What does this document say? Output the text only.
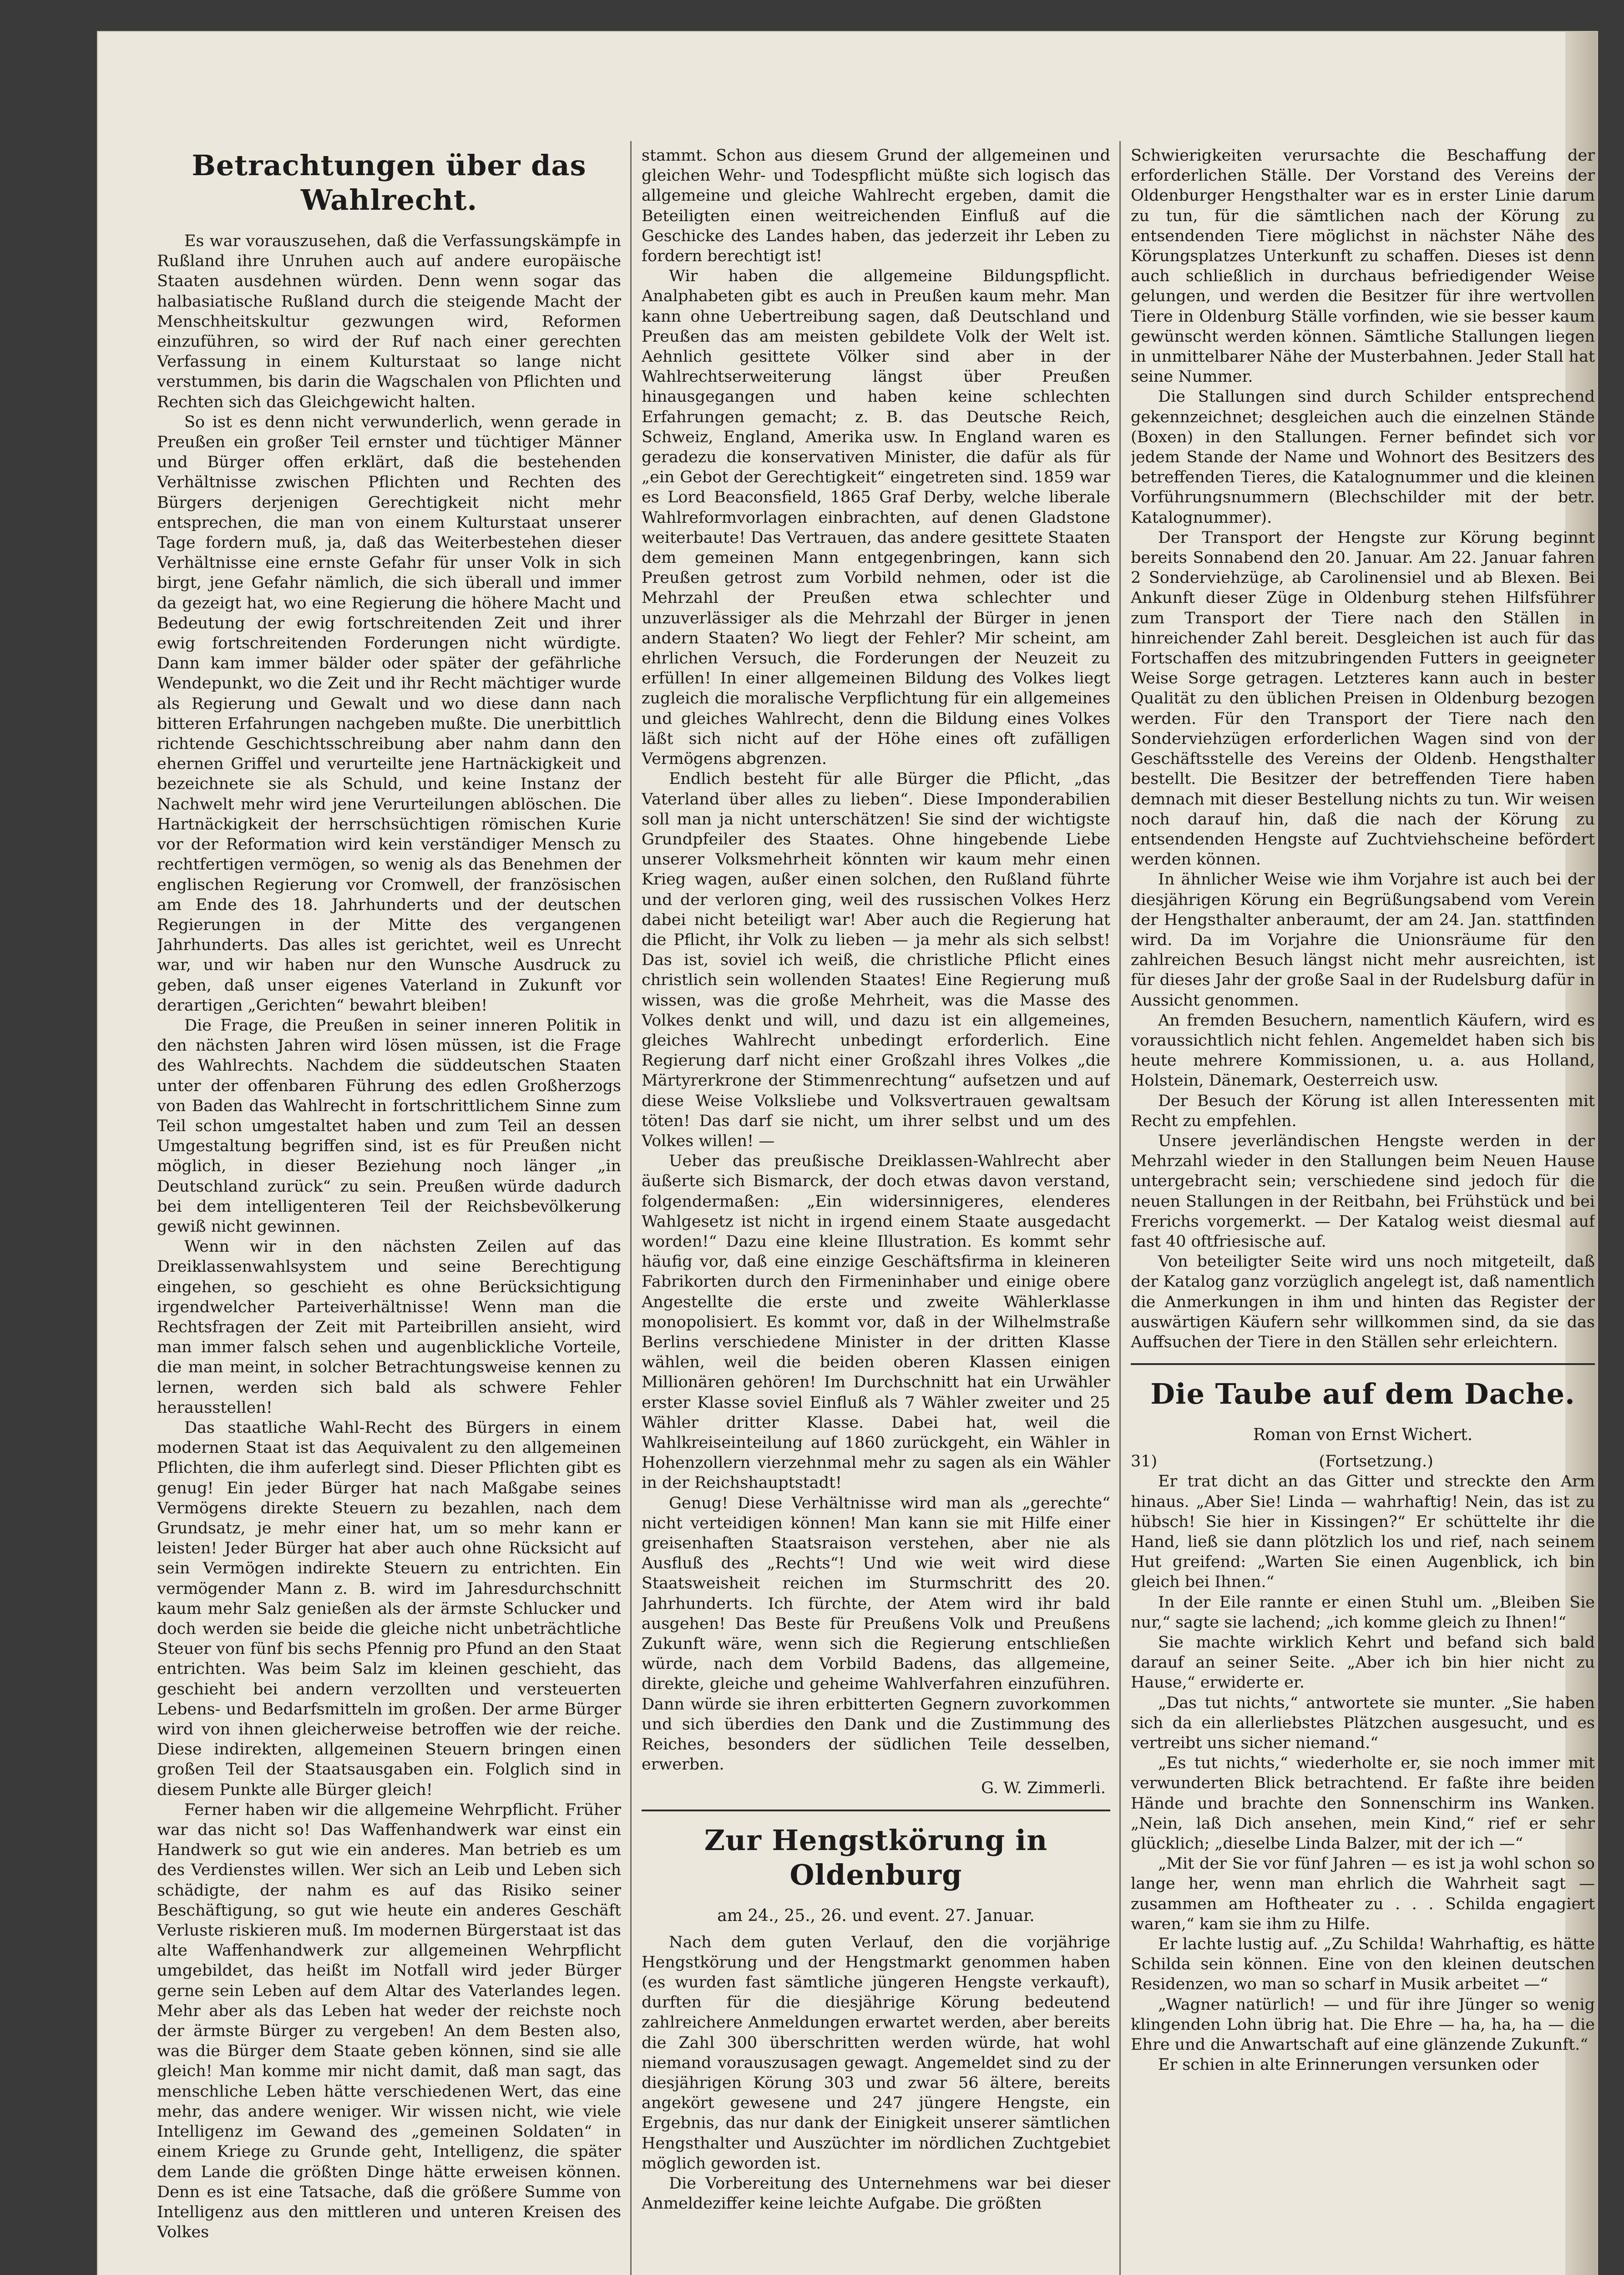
Betrachtungen über das Wahlrecht.

Es war vorauszusehen, daß die Verfassungskämpfe in Rußland ihre Unruhen auch auf andere europäische Staaten ausdehnen würden. Denn wenn sogar das halbasiatische Rußland durch die steigende Macht der Menschheitskultur gezwungen wird, Reformen einzuführen, so wird der Ruf nach einer gerechten Verfassung in einem Kulturstaat so lange nicht verstummen, bis darin die Wagschalen von Pflichten und Rechten sich das Gleichgewicht halten.

So ist es denn nicht verwunderlich, wenn gerade in Preußen ein großer Teil ernster und tüchtiger Männer und Bürger offen erklärt, daß die bestehenden Verhältnisse zwischen Pflichten und Rechten des Bürgers derjenigen Gerechtigkeit nicht mehr entsprechen, die man von einem Kulturstaat unserer Tage fordern muß, ja, daß das Weiterbestehen dieser Verhältnisse eine ernste Gefahr für unser Volk in sich birgt, jene Gefahr nämlich, die sich überall und immer da gezeigt hat, wo eine Regierung die höhere Macht und Bedeutung der ewig fortschreitenden Zeit und ihrer ewig fortschreitenden Forderungen nicht würdigte. Dann kam immer bälder oder später der gefährliche Wendepunkt, wo die Zeit und ihr Recht mächtiger wurde als Regierung und Gewalt und wo diese dann nach bitteren Erfahrungen nachgeben mußte. Die unerbittlich richtende Geschichtsschreibung aber nahm dann den ehernen Griffel und verurteilte jene Hartnäckigkeit und bezeichnete sie als Schuld, und keine Instanz der Nachwelt mehr wird jene Verurteilungen ablöschen. Die Hartnäckigkeit der herrschsüchtigen römischen Kurie vor der Reformation wird kein verständiger Mensch zu rechtfertigen vermögen, so wenig als das Benehmen der englischen Regierung vor Cromwell, der französischen am Ende des 18. Jahrhunderts und der deutschen Regierungen in der Mitte des vergangenen Jahrhunderts. Das alles ist gerichtet, weil es Unrecht war, und wir haben nur den Wunsche Ausdruck zu geben, daß unser eigenes Vaterland in Zukunft vor derartigen „Gerichten“ bewahrt bleiben!

Die Frage, die Preußen in seiner inneren Politik in den nächsten Jahren wird lösen müssen, ist die Frage des Wahlrechts. Nachdem die süddeutschen Staaten unter der offenbaren Führung des edlen Großherzogs von Baden das Wahlrecht in fortschrittlichem Sinne zum Teil schon umgestaltet haben und zum Teil an dessen Umgestaltung begriffen sind, ist es für Preußen nicht möglich, in dieser Beziehung noch länger „in Deutschland zurück“ zu sein. Preußen würde dadurch bei dem intelligenteren Teil der Reichsbevölkerung gewiß nicht gewinnen.

Wenn wir in den nächsten Zeilen auf das Dreiklassenwahlsystem und seine Berechtigung eingehen, so geschieht es ohne Berücksichtigung irgendwelcher Parteiverhältnisse! Wenn man die Rechtsfragen der Zeit mit Parteibrillen ansieht, wird man immer falsch sehen und augenblickliche Vorteile, die man meint, in solcher Betrachtungsweise kennen zu lernen, werden sich bald als schwere Fehler herausstellen!

Das staatliche Wahl-Recht des Bürgers in einem modernen Staat ist das Aequivalent zu den allgemeinen Pflichten, die ihm auferlegt sind. Dieser Pflichten gibt es genug! Ein jeder Bürger hat nach Maßgabe seines Vermögens direkte Steuern zu bezahlen, nach dem Grundsatz, je mehr einer hat, um so mehr kann er leisten! Jeder Bürger hat aber auch ohne Rücksicht auf sein Vermögen indirekte Steuern zu entrichten. Ein vermögender Mann z. B. wird im Jahresdurchschnitt kaum mehr Salz genießen als der ärmste Schlucker und doch werden sie beide die gleiche nicht unbeträchtliche Steuer von fünf bis sechs Pfennig pro Pfund an den Staat entrichten. Was beim Salz im kleinen geschieht, das geschieht bei andern verzollten und versteuerten Lebens- und Bedarfsmitteln im großen. Der arme Bürger wird von ihnen gleicherweise betroffen wie der reiche. Diese indirekten, allgemeinen Steuern bringen einen großen Teil der Staatsausgaben ein. Folglich sind in diesem Punkte alle Bürger gleich!

Ferner haben wir die allgemeine Wehrpflicht. Früher war das nicht so! Das Waffenhandwerk war einst ein Handwerk so gut wie ein anderes. Man betrieb es um des Verdienstes willen. Wer sich an Leib und Leben sich schädigte, der nahm es auf das Risiko seiner Beschäftigung, so gut wie heute ein anderes Geschäft Verluste riskieren muß. Im modernen Bürgerstaat ist das alte Waffenhandwerk zur allgemeinen Wehrpflicht umgebildet, das heißt im Notfall wird jeder Bürger gerne sein Leben auf dem Altar des Vaterlandes legen. Mehr aber als das Leben hat weder der reichste noch der ärmste Bürger zu vergeben! An dem Besten also, was die Bürger dem Staate geben können, sind sie alle gleich! Man komme mir nicht damit, daß man sagt, das menschliche Leben hätte verschiedenen Wert, das eine mehr, das andere weniger. Wir wissen nicht, wie viele Intelligenz im Gewand des „gemeinen Soldaten“ in einem Kriege zu Grunde geht, Intelligenz, die später dem Lande die größten Dinge hätte erweisen können. Denn es ist eine Tatsache, daß die größere Summe von Intelligenz aus den mittleren und unteren Kreisen des Volkes

stammt. Schon aus diesem Grund der allgemeinen und gleichen Wehr- und Todespflicht müßte sich logisch das allgemeine und gleiche Wahlrecht ergeben, damit die Beteiligten einen weitreichenden Einfluß auf die Geschicke des Landes haben, das jederzeit ihr Leben zu fordern berechtigt ist!

Wir haben die allgemeine Bildungspflicht. Analphabeten gibt es auch in Preußen kaum mehr. Man kann ohne Uebertreibung sagen, daß Deutschland und Preußen das am meisten gebildete Volk der Welt ist. Aehnlich gesittete Völker sind aber in der Wahlrechtserweiterung längst über Preußen hinausgegangen und haben keine schlechten Erfahrungen gemacht; z. B. das Deutsche Reich, Schweiz, England, Amerika usw. In England waren es geradezu die konservativen Minister, die dafür als für „ein Gebot der Gerechtigkeit“ eingetreten sind. 1859 war es Lord Beaconsfield, 1865 Graf Derby, welche liberale Wahlreformvorlagen einbrachten, auf denen Gladstone weiterbaute! Das Vertrauen, das andere gesittete Staaten dem gemeinen Mann entgegenbringen, kann sich Preußen getrost zum Vorbild nehmen, oder ist die Mehrzahl der Preußen etwa schlechter und unzuverlässiger als die Mehrzahl der Bürger in jenen andern Staaten? Wo liegt der Fehler? Mir scheint, am ehrlichen Versuch, die Forderungen der Neuzeit zu erfüllen! In einer allgemeinen Bildung des Volkes liegt zugleich die moralische Verpflichtung für ein allgemeines und gleiches Wahlrecht, denn die Bildung eines Volkes läßt sich nicht auf der Höhe eines oft zufälligen Vermögens abgrenzen.

Endlich besteht für alle Bürger die Pflicht, „das Vaterland über alles zu lieben“. Diese Imponderabilien soll man ja nicht unterschätzen! Sie sind der wichtigste Grundpfeiler des Staates. Ohne hingebende Liebe unserer Volksmehrheit könnten wir kaum mehr einen Krieg wagen, außer einen solchen, den Rußland führte und der verloren ging, weil des russischen Volkes Herz dabei nicht beteiligt war! Aber auch die Regierung hat die Pflicht, ihr Volk zu lieben — ja mehr als sich selbst! Das ist, soviel ich weiß, die christliche Pflicht eines christlich sein wollenden Staates! Eine Regierung muß wissen, was die große Mehrheit, was die Masse des Volkes denkt und will, und dazu ist ein allgemeines, gleiches Wahlrecht unbedingt erforderlich. Eine Regierung darf nicht einer Großzahl ihres Volkes „die Märtyrerkrone der Stimmenrechtung“ aufsetzen und auf diese Weise Volksliebe und Volksvertrauen gewaltsam töten! Das darf sie nicht, um ihrer selbst und um des Volkes willen! —

Ueber das preußische Dreiklassen-Wahlrecht aber äußerte sich Bismarck, der doch etwas davon verstand, folgendermaßen: „Ein widersinnigeres, elenderes Wahlgesetz ist nicht in irgend einem Staate ausgedacht worden!“ Dazu eine kleine Illustration. Es kommt sehr häufig vor, daß eine einzige Geschäftsfirma in kleineren Fabrikorten durch den Firmeninhaber und einige obere Angestellte die erste und zweite Wählerklasse monopolisiert. Es kommt vor, daß in der Wilhelmstraße Berlins verschiedene Minister in der dritten Klasse wählen, weil die beiden oberen Klassen einigen Millionären gehören! Im Durchschnitt hat ein Urwähler erster Klasse soviel Einfluß als 7 Wähler zweiter und 25 Wähler dritter Klasse. Dabei hat, weil die Wahlkreiseinteilung auf 1860 zurückgeht, ein Wähler in Hohenzollern vierzehnmal mehr zu sagen als ein Wähler in der Reichshauptstadt!

Genug! Diese Verhältnisse wird man als „gerechte“ nicht verteidigen können! Man kann sie mit Hilfe einer greisenhaften Staatsraison verstehen, aber nie als Ausfluß des „Rechts“! Und wie weit wird diese Staatsweisheit reichen im Sturmschritt des 20. Jahrhunderts. Ich fürchte, der Atem wird ihr bald ausgehen! Das Beste für Preußens Volk und Preußens Zukunft wäre, wenn sich die Regierung entschließen würde, nach dem Vorbild Badens, das allgemeine, direkte, gleiche und geheime Wahlverfahren einzuführen. Dann würde sie ihren erbitterten Gegnern zuvorkommen und sich überdies den Dank und die Zustimmung des Reiches, besonders der südlichen Teile desselben, erwerben.

G. W. Zimmerli.
Zur Hengstkörung in Oldenburg
am 24., 25., 26. und event. 27. Januar.

Nach dem guten Verlauf, den die vorjährige Hengstkörung und der Hengstmarkt genommen haben (es wurden fast sämtliche jüngeren Hengste verkauft), durften für die diesjährige Körung bedeutend zahlreichere Anmeldungen erwartet werden, aber bereits die Zahl 300 überschritten werden würde, hat wohl niemand vorauszusagen gewagt. Angemeldet sind zu der diesjährigen Körung 303 und zwar 56 ältere, bereits angekört gewesene und 247 jüngere Hengste, ein Ergebnis, das nur dank der Einigkeit unserer sämtlichen Hengsthalter und Auszüchter im nördlichen Zuchtgebiet möglich geworden ist.

Die Vorbereitung des Unternehmens war bei dieser Anmeldeziffer keine leichte Aufgabe. Die größten

Schwierigkeiten verursachte die Beschaffung der erforderlichen Ställe. Der Vorstand des Vereins der Oldenburger Hengsthalter war es in erster Linie darum zu tun, für die sämtlichen nach der Körung zu entsendenden Tiere möglichst in nächster Nähe des Körungsplatzes Unterkunft zu schaffen. Dieses ist denn auch schließlich in durchaus befriedigender Weise gelungen, und werden die Besitzer für ihre wertvollen Tiere in Oldenburg Ställe vorfinden, wie sie besser kaum gewünscht werden können. Sämtliche Stallungen liegen in unmittelbarer Nähe der Musterbahnen. Jeder Stall hat seine Nummer.

Die Stallungen sind durch Schilder entsprechend gekennzeichnet; desgleichen auch die einzelnen Stände (Boxen) in den Stallungen. Ferner befindet sich vor jedem Stande der Name und Wohnort des Besitzers des betreffenden Tieres, die Katalognummer und die kleinen Vorführungsnummern (Blechschilder mit der betr. Katalognummer).

Der Transport der Hengste zur Körung beginnt bereits Sonnabend den 20. Januar. Am 22. Januar fahren 2 Sonderviehzüge, ab Carolinensiel und ab Blexen. Bei Ankunft dieser Züge in Oldenburg stehen Hilfsführer zum Transport der Tiere nach den Ställen in hinreichender Zahl bereit. Desgleichen ist auch für das Fortschaffen des mitzubringenden Futters in geeigneter Weise Sorge getragen. Letzteres kann auch in bester Qualität zu den üblichen Preisen in Oldenburg bezogen werden. Für den Transport der Tiere nach den Sonderviehzügen erforderlichen Wagen sind von der Geschäftsstelle des Vereins der Oldenb. Hengsthalter bestellt. Die Besitzer der betreffenden Tiere haben demnach mit dieser Bestellung nichts zu tun. Wir weisen noch darauf hin, daß die nach der Körung zu entsendenden Hengste auf Zuchtviehscheine befördert werden können.

In ähnlicher Weise wie ihm Vorjahre ist auch bei der diesjährigen Körung ein Begrüßungsabend vom Verein der Hengsthalter anberaumt, der am 24. Jan. stattfinden wird. Da im Vorjahre die Unionsräume für den zahlreichen Besuch längst nicht mehr ausreichten, ist für dieses Jahr der große Saal in der Rudelsburg dafür in Aussicht genommen.

An fremden Besuchern, namentlich Käufern, wird es voraussichtlich nicht fehlen. Angemeldet haben sich bis heute mehrere Kommissionen, u. a. aus Holland, Holstein, Dänemark, Oesterreich usw.

Der Besuch der Körung ist allen Interessenten mit Recht zu empfehlen.

Unsere jeverländischen Hengste werden in der Mehrzahl wieder in den Stallungen beim Neuen Hause untergebracht sein; verschiedene sind jedoch für die neuen Stallungen in der Reitbahn, bei Frühstück und bei Frerichs vorgemerkt. — Der Katalog weist diesmal auf fast 40 oftfriesische auf.

Von beteiligter Seite wird uns noch mitgeteilt, daß der Katalog ganz vorzüglich angelegt ist, daß namentlich die Anmerkungen in ihm und hinten das Register der auswärtigen Käufern sehr willkommen sind, da sie das Auffsuchen der Tiere in den Ställen sehr erleichtern.

Die Taube auf dem Dache.
Roman von Ernst Wichert.
31)	(Fortsetzung.)

Er trat dicht an das Gitter und streckte den Arm hinaus. „Aber Sie! Linda — wahrhaftig! Nein, das ist zu hübsch! Sie hier in Kissingen?“ Er schüttelte ihr die Hand, ließ sie dann plötzlich los und rief, nach seinem Hut greifend: „Warten Sie einen Augenblick, ich bin gleich bei Ihnen.“

In der Eile rannte er einen Stuhl um. „Bleiben Sie nur,“ sagte sie lachend; „ich komme gleich zu Ihnen!“

Sie machte wirklich Kehrt und befand sich bald darauf an seiner Seite. „Aber ich bin hier nicht zu Hause,“ erwiderte er.

„Das tut nichts,“ antwortete sie munter. „Sie haben sich da ein allerliebstes Plätzchen ausgesucht, und es vertreibt uns sicher niemand.“

„Es tut nichts,“ wiederholte er, sie noch immer mit verwunderten Blick betrachtend. Er faßte ihre beiden Hände und brachte den Sonnenschirm ins Wanken. „Nein, laß Dich ansehen, mein Kind,“ rief er sehr glücklich; „dieselbe Linda Balzer, mit der ich —“

„Mit der Sie vor fünf Jahren — es ist ja wohl schon so lange her, wenn man ehrlich die Wahrheit sagt — zusammen am Hoftheater zu . . . Schilda engagiert waren,“ kam sie ihm zu Hilfe.

Er lachte lustig auf. „Zu Schilda! Wahrhaftig, es hätte Schilda sein können. Eine von den kleinen deutschen Residenzen, wo man so scharf in Musik arbeitet —“

„Wagner natürlich! — und für ihre Jünger so wenig klingenden Lohn übrig hat. Die Ehre — ha, ha, ha — die Ehre und die Anwartschaft auf eine glänzende Zukunft.“

Er schien in alte Erinnerungen versunken oder
